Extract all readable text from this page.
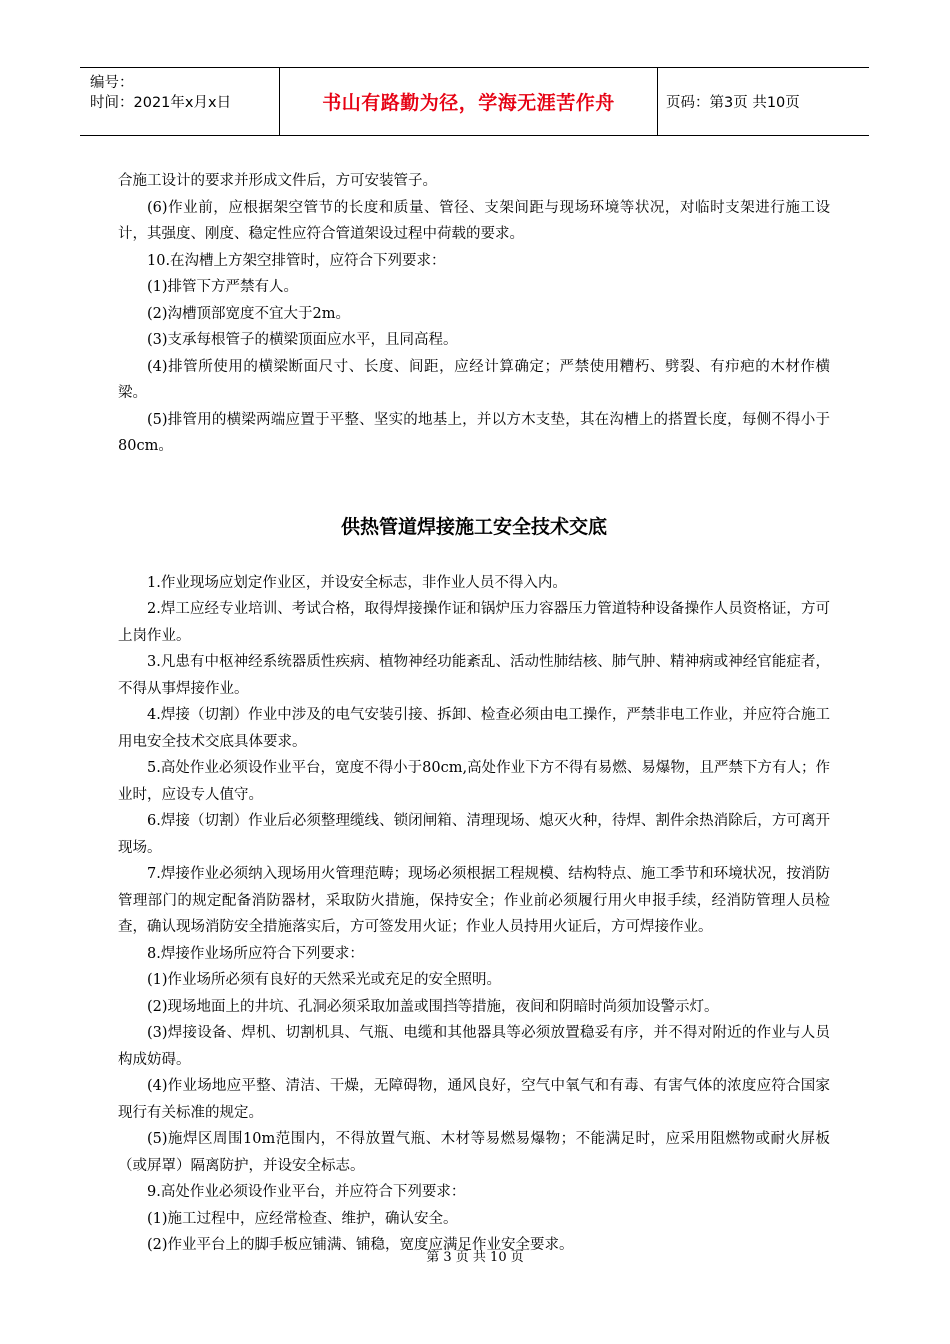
编号：
时间：2021年x月x日	书山有路勤为径，学海无涯苦作舟	页码：第3页 共10页

合施工设计的要求并形成文件后，方可安装管子。

(6)作业前，应根据架空管节的长度和质量、管径、支架间距与现场环境等状况，对临时支架进行施工设计，其强度、刚度、稳定性应符合管道架设过程中荷载的要求。

10.在沟槽上方架空排管时，应符合下列要求：

(1)排管下方严禁有人。

(2)沟槽顶部宽度不宜大于2m。

(3)支承每根管子的横梁顶面应水平，且同高程。

(4)排管所使用的横梁断面尺寸、长度、间距，应经计算确定；严禁使用糟朽、劈裂、有疖疤的木材作横梁。

(5)排管用的横梁两端应置于平整、坚实的地基上，并以方木支垫，其在沟槽上的搭置长度，每侧不得小于80cm。

供热管道焊接施工安全技术交底

1.作业现场应划定作业区，并设安全标志，非作业人员不得入内。

2.焊工应经专业培训、考试合格，取得焊接操作证和锅炉压力容器压力管道特种设备操作人员资格证，方可上岗作业。

3.凡患有中枢神经系统器质性疾病、植物神经功能紊乱、活动性肺结核、肺气肿、精神病或神经官能症者，不得从事焊接作业。

4.焊接（切割）作业中涉及的电气安装引接、拆卸、检查必须由电工操作，严禁非电工作业，并应符合施工用电安全技术交底具体要求。

5.高处作业必须设作业平台，宽度不得小于80cm,高处作业下方不得有易燃、易爆物，且严禁下方有人；作业时，应设专人值守。

6.焊接（切割）作业后必须整理缆线、锁闭闸箱、清理现场、熄灭火种，待焊、割件余热消除后，方可离开现场。

7.焊接作业必须纳入现场用火管理范畴；现场必须根据工程规模、结构特点、施工季节和环境状况，按消防管理部门的规定配备消防器材，采取防火措施，保持安全；作业前必须履行用火申报手续，经消防管理人员检查，确认现场消防安全措施落实后，方可签发用火证；作业人员持用火证后，方可焊接作业。

8.焊接作业场所应符合下列要求：

(1)作业场所必须有良好的天然采光或充足的安全照明。

(2)现场地面上的井坑、孔洞必须采取加盖或围挡等措施，夜间和阴暗时尚须加设警示灯。

(3)焊接设备、焊机、切割机具、气瓶、电缆和其他器具等必须放置稳妥有序，并不得对附近的作业与人员构成妨碍。

(4)作业场地应平整、清洁、干燥，无障碍物，通风良好，空气中氧气和有毒、有害气体的浓度应符合国家现行有关标准的规定。

(5)施焊区周围10m范围内，不得放置气瓶、木材等易燃易爆物；不能满足时，应采用阻燃物或耐火屏板（或屏罩）隔离防护，并设安全标志。

9.高处作业必须设作业平台，并应符合下列要求：

(1)施工过程中，应经常检查、维护，确认安全。

(2)作业平台上的脚手板应铺满、铺稳，宽度应满足作业安全要求。

第 3 页 共 10 页
